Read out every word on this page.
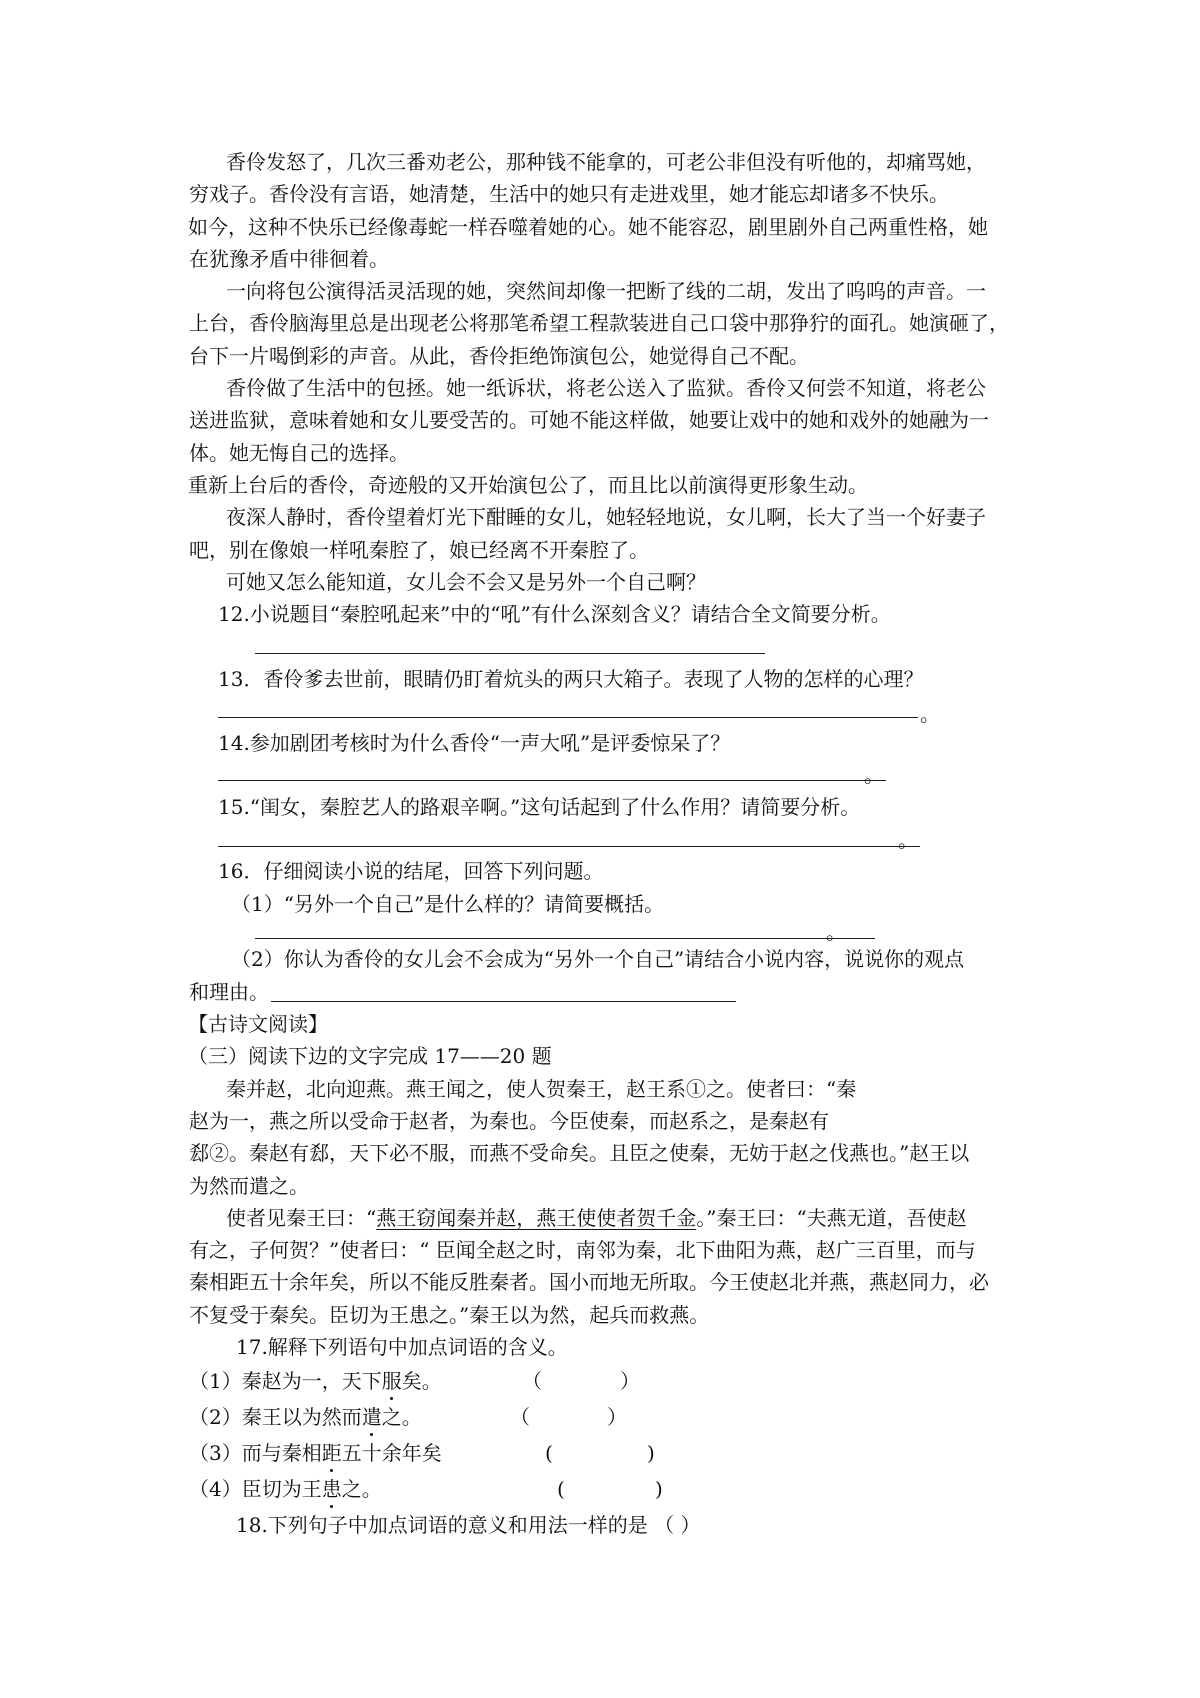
香伶发怒了，几次三番劝老公，那种钱不能拿的，可老公非但没有听他的，却痛骂她，
穷戏子。香伶没有言语，她清楚，生活中的她只有走进戏里，她才能忘却诸多不快乐。
如今，这种不快乐已经像毒蛇一样吞噬着她的心。她不能容忍，剧里剧外自己两重性格，她
在犹豫矛盾中徘徊着。
一向将包公演得活灵活现的她，突然间却像一把断了线的二胡，发出了呜呜的声音。一
上台，香伶脑海里总是出现老公将那笔希望工程款装进自己口袋中那狰狞的面孔。她演砸了，
台下一片喝倒彩的声音。从此，香伶拒绝饰演包公，她觉得自己不配。
香伶做了生活中的包拯。她一纸诉状，将老公送入了监狱。香伶又何尝不知道，将老公
送进监狱，意味着她和女儿要受苦的。可她不能这样做，她要让戏中的她和戏外的她融为一
体。她无悔自己的选择。
重新上台后的香伶，奇迹般的又开始演包公了，而且比以前演得更形象生动。
夜深人静时，香伶望着灯光下酣睡的女儿，她轻轻地说，女儿啊，长大了当一个好妻子
吧，别在像娘一样吼秦腔了，娘已经离不开秦腔了。
可她又怎么能知道，女儿会不会又是另外一个自己啊？
12.小说题目“秦腔吼起来”中的“吼”有什么深刻含义？请结合全文简要分析。
13．香伶爹去世前，眼睛仍盯着炕头的两只大箱子。表现了人物的怎样的心理？
。
14.参加剧团考核时为什么香伶“一声大吼”是评委惊呆了？
。
15.“闺女，秦腔艺人的路艰辛啊。”这句话起到了什么作用？请简要分析。
。
16．仔细阅读小说的结尾，回答下列问题。
（1）“另外一个自己”是什么样的？请简要概括。
。
（2）你认为香伶的女儿会不会成为“另外一个自己”请结合小说内容，说说你的观点
和理由。
【古诗文阅读】
（三）阅读下边的文字完成 17——20 题
秦并赵，北向迎燕。燕王闻之，使人贺秦王，赵王系①之。使者曰：“秦
赵为一，燕之所以受命于赵者，为秦也。今臣使秦，而赵系之，是秦赵有
郄②。秦赵有郄，天下必不服，而燕不受命矣。且臣之使秦，无妨于赵之伐燕也。”赵王以
为然而遣之。
使者见秦王曰：“燕王窃闻秦并赵，燕王使使者贺千金。”秦王曰：“夫燕无道，吾使赵
有之，子何贺？”使者曰：“ 臣闻全赵之时，南邻为秦，北下曲阳为燕，赵广三百里，而与
秦相距五十余年矣，所以不能反胜秦者。国小而地无所取。今王使赵北并燕，燕赵同力，必
不复受于秦矣。臣切为王患之。”秦王以为然，起兵而救燕。
17.解释下列语句中加点词语的含义。
（1）秦赵为一，天下服矣。	（	）
（2）秦王以为然而遣之。	（	）
（3）而与秦相距五十余年矣	(	)
（4）臣切为王患之。	(	)
18.下列句子中加点词语的意义和用法一样的是 （ ）
